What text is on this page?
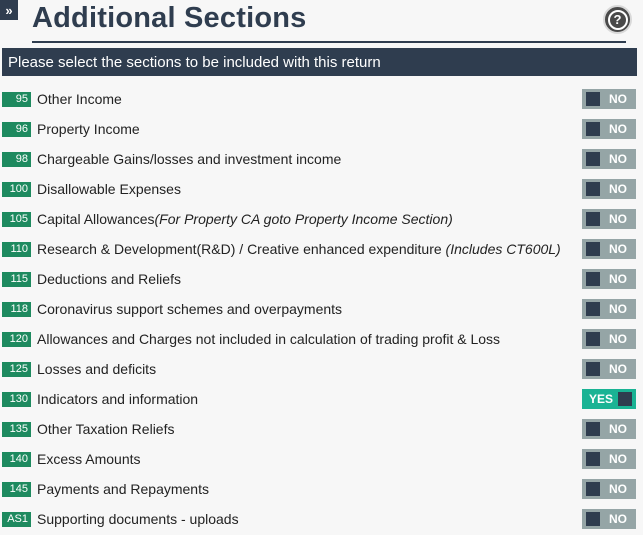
» Additional Sections	?
Please select the sections to be included with this return
95 Other Income	NO
96 Property Income	NO
98 Chargeable Gains/losses and investment income	NO
100 Disallowable Expenses	NO
105 Capital Allowances(For Property CA goto Property Income Section)	NO
110 Research & Development(R&D) / Creative enhanced expenditure (Includes CT600L)	NO
115 Deductions and Reliefs	NO
118 Coronavirus support schemes and overpayments	NO
120 Allowances and Charges not included in calculation of trading profit & Loss	NO
125 Losses and deficits	NO
130 Indicators and information	YES
135 Other Taxation Reliefs	NO
140 Excess Amounts	NO
145 Payments and Repayments	NO
AS1 Supporting documents - uploads	NO
